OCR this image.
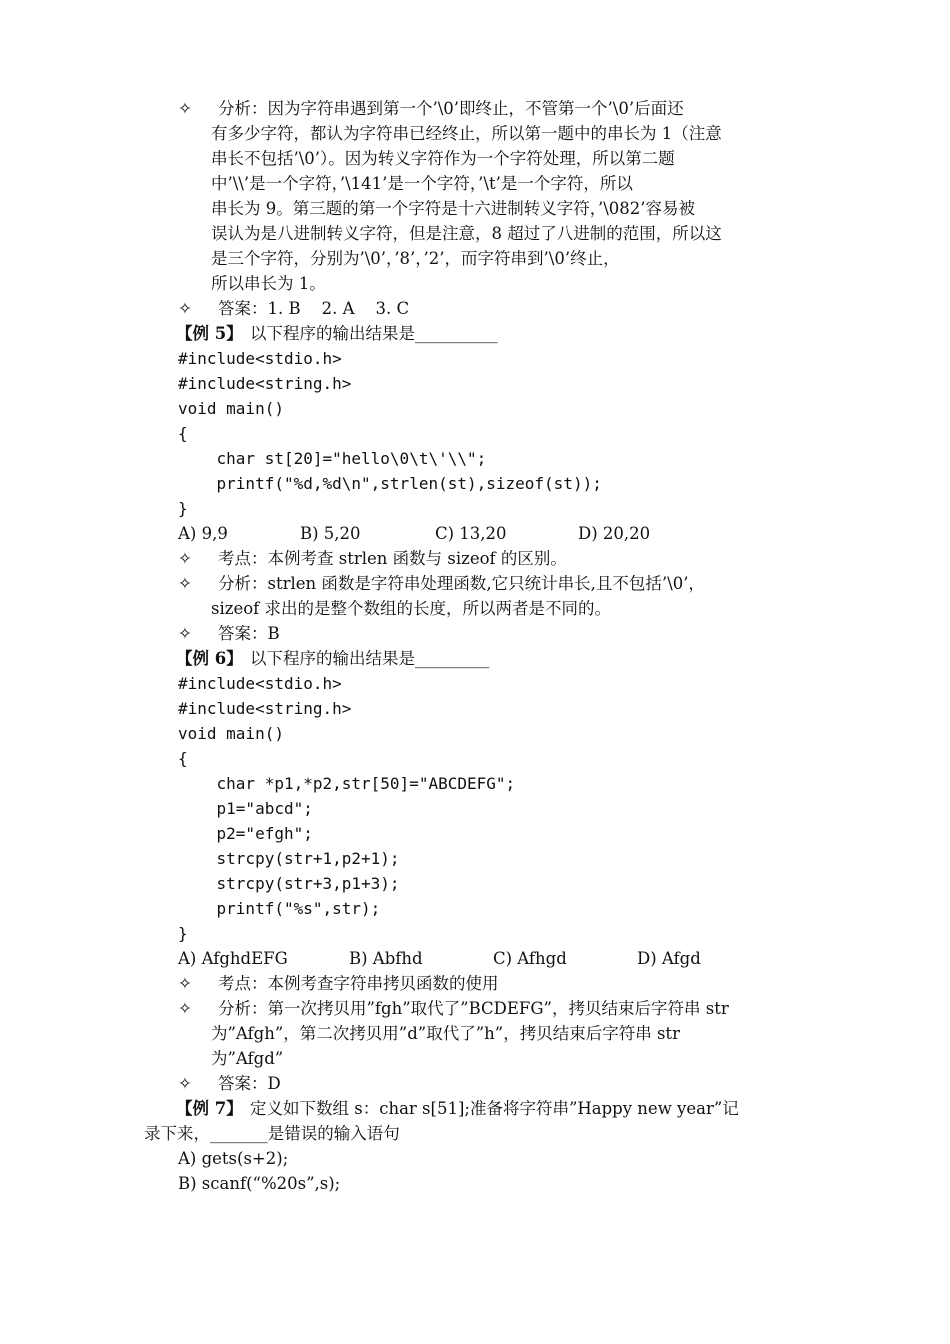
✧ 分析：因为字符串遇到第一个’\0’即终止，不管第一个’\0’后面还
有多少字符，都认为字符串已经终止，所以第一题中的串长为 1（注意
串长不包括’\0’）。因为转义字符作为一个字符处理，所以第二题
中’\\’是一个字符，’\141’是一个字符，’\t’是一个字符，所以
串长为 9。第三题的第一个字符是十六进制转义字符，’\082’容易被
误认为是八进制转义字符，但是注意，8 超过了八进制的范围，所以这
是三个字符，分别为’\0’，’8’，’2’，而字符串到’\0’终止，
所以串长为 1。
✧ 答案：1. B    2. A    3. C
【例 5】 以下程序的输出结果是__________
#include<stdio.h>
#include<string.h>
void main()
{
char st[20]="hello\0\t\'\\";
printf("%d,%d\n",strlen(st),sizeof(st));
}
A) 9,9	B) 5,20	C) 13,20	D) 20,20
✧ 考点：本例考查 strlen 函数与 sizeof 的区别。
✧ 分析：strlen 函数是字符串处理函数,它只统计串长,且不包括’\0’，
sizeof 求出的是整个数组的长度，所以两者是不同的。
✧ 答案：B
【例 6】 以下程序的输出结果是_________
#include<stdio.h>
#include<string.h>
void main()
{
char *p1,*p2,str[50]="ABCDEFG";
p1="abcd";
p2="efgh";
strcpy(str+1,p2+1);
strcpy(str+3,p1+3);
printf("%s",str);
}
A) AfghdEFG	B) Abfhd	C) Afhgd	D) Afgd
✧ 考点：本例考查字符串拷贝函数的使用
✧ 分析：第一次拷贝用”fgh”取代了”BCDEFG”，拷贝结束后字符串 str
为”Afgh”，第二次拷贝用”d”取代了”h”，拷贝结束后字符串 str
为”Afgd”
✧ 答案：D
【例 7】 定义如下数组 s：char s[51];准备将字符串”Happy new year”记
录下来，_______是错误的输入语句
A) gets(s+2);
B) scanf(“%20s”,s);
